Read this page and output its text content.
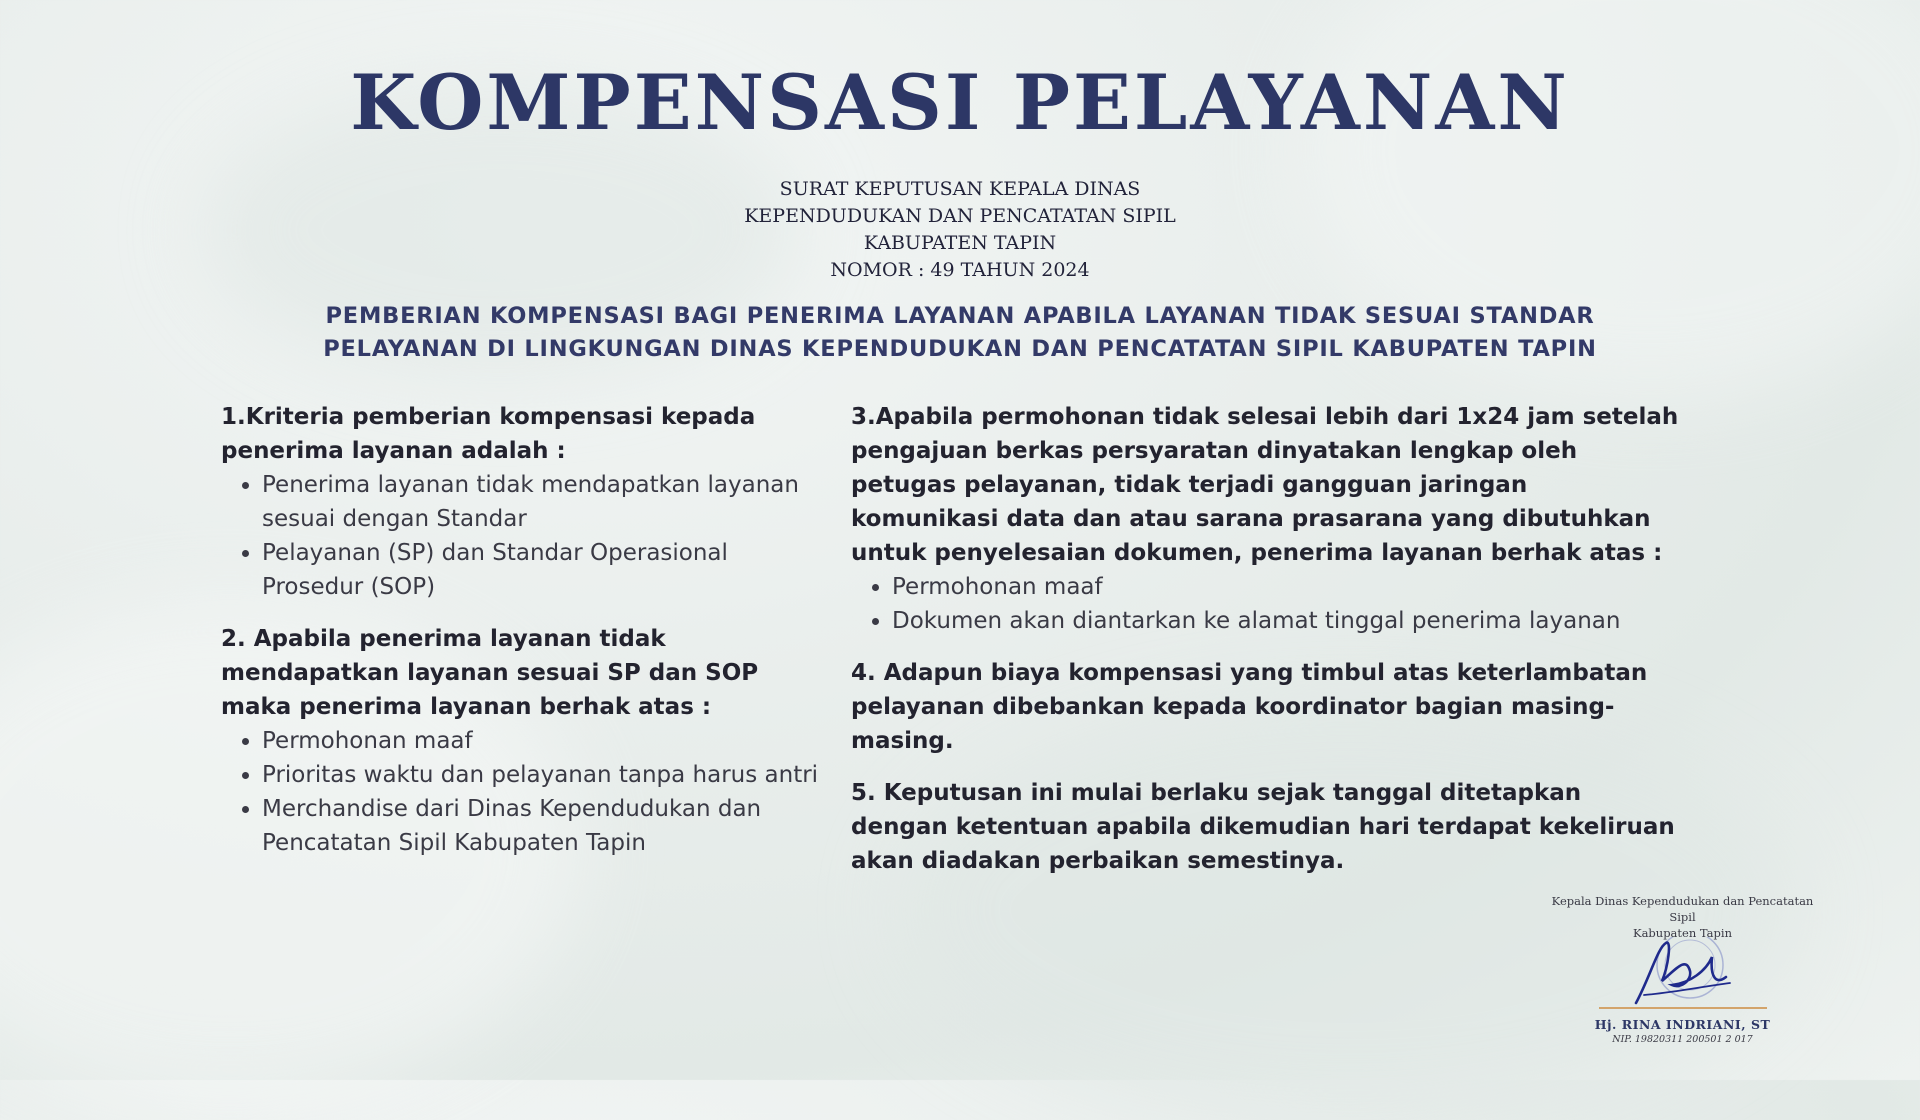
KOMPENSASI PELAYANAN
SURAT KEPUTUSAN KEPALA DINAS
KEPENDUDUKAN DAN PENCATATAN SIPIL
KABUPATEN TAPIN
NOMOR : 49 TAHUN 2024
PEMBERIAN KOMPENSASI BAGI PENERIMA LAYANAN APABILA LAYANAN TIDAK SESUAI STANDAR
PELAYANAN DI LINGKUNGAN DINAS KEPENDUDUKAN DAN PENCATATAN SIPIL KABUPATEN TAPIN
1.Kriteria pemberian kompensasi kepada penerima layanan adalah :
• Penerima layanan tidak mendapatkan layanan sesuai dengan Standar
• Pelayanan (SP) dan Standar Operasional Prosedur (SOP)
2. Apabila penerima layanan tidak mendapatkan layanan sesuai SP dan SOP maka penerima layanan berhak atas :
• Permohonan maaf
• Prioritas waktu dan pelayanan tanpa harus antri
• Merchandise dari Dinas Kependudukan dan Pencatatan Sipil Kabupaten Tapin
3.Apabila permohonan tidak selesai lebih dari 1x24 jam setelah pengajuan berkas persyaratan dinyatakan lengkap oleh petugas pelayanan, tidak terjadi gangguan jaringan komunikasi data dan atau sarana prasarana yang dibutuhkan untuk penyelesaian dokumen, penerima layanan berhak atas :
• Permohonan maaf
• Dokumen akan diantarkan ke alamat tinggal penerima layanan
4. Adapun biaya kompensasi yang timbul atas keterlambatan pelayanan dibebankan kepada koordinator bagian masing-masing.
5. Keputusan ini mulai berlaku sejak tanggal ditetapkan dengan ketentuan apabila dikemudian hari terdapat kekeliruan akan diadakan perbaikan semestinya.
Kepala Dinas Kependudukan dan Pencatatan Sipil
Kabupaten Tapin
Hj. RINA INDRIANI, ST
NIP. 19820311 200501 2 017
